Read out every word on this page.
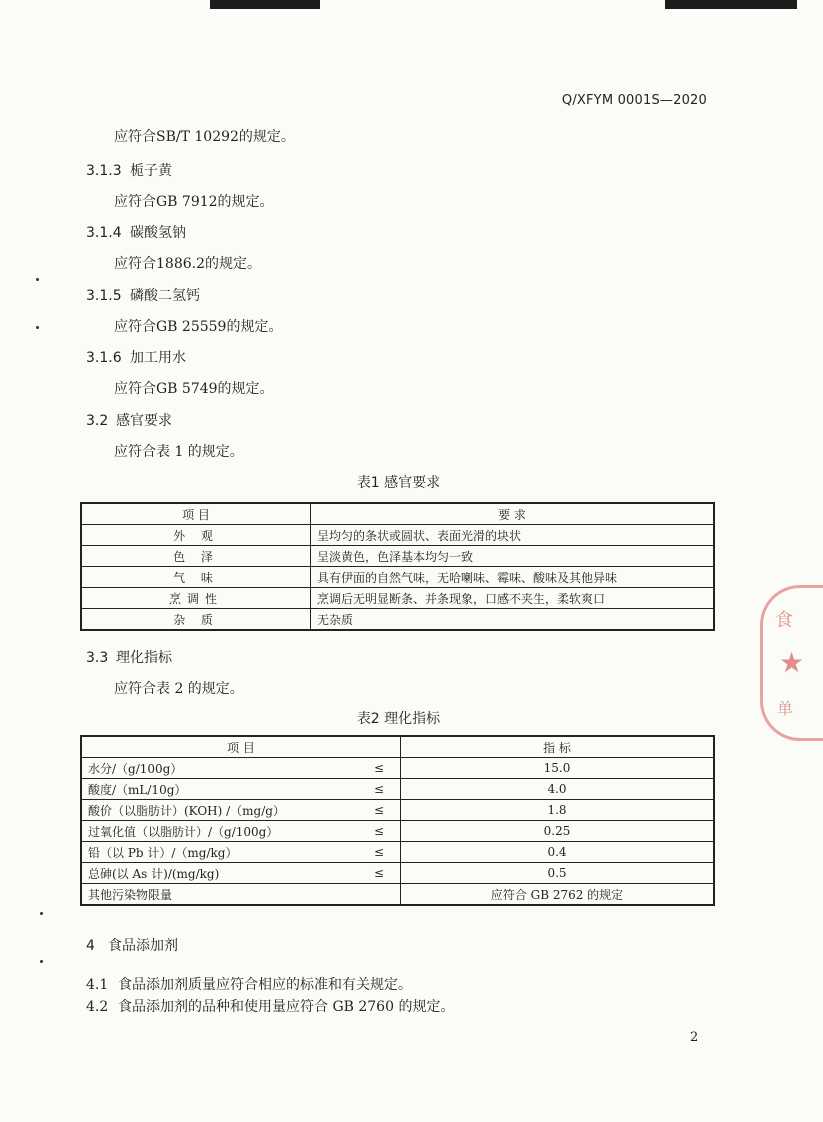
Q/XFYM 0001S—2020
应符合SB/T 10292的规定。
3.1.3 栀子黄
应符合GB 7912的规定。
3.1.4 碳酸氢钠
应符合1886.2的规定。
3.1.5 磷酸二氢钙
应符合GB 25559的规定。
3.1.6 加工用水
应符合GB 5749的规定。
3.2 感官要求
应符合表 1 的规定。
表1 感官要求
项 目	要 求
外 观	呈均匀的条状或圆状、表面光滑的块状
色 泽	呈淡黄色，色泽基本均匀一致
气 味	具有伊面的自然气味，无哈喇味、霉味、酸味及其他异味
烹调性	烹调后无明显断条、并条现象，口感不夹生，柔软爽口
杂 质	无杂质
3.3 理化指标
应符合表 2 的规定。
表2 理化指标
项 目		指 标
水分/（g/100g）	≤	15.0
酸度/（mL/10g）	≤	4.0
酸价（以脂肪计）(KOH) /（mg/g）	≤	1.8
过氧化值（以脂肪计）/（g/100g）	≤	0.25
铅（以 Pb 计）/（mg/kg）	≤	0.4
总砷(以 As 计)/(mg/kg)	≤	0.5
其他污染物限量		应符合 GB 2762 的规定
4 食品添加剂
4.1 食品添加剂质量应符合相应的标准和有关规定。
4.2 食品添加剂的品种和使用量应符合 GB 2760 的规定。
2
食
★
单
